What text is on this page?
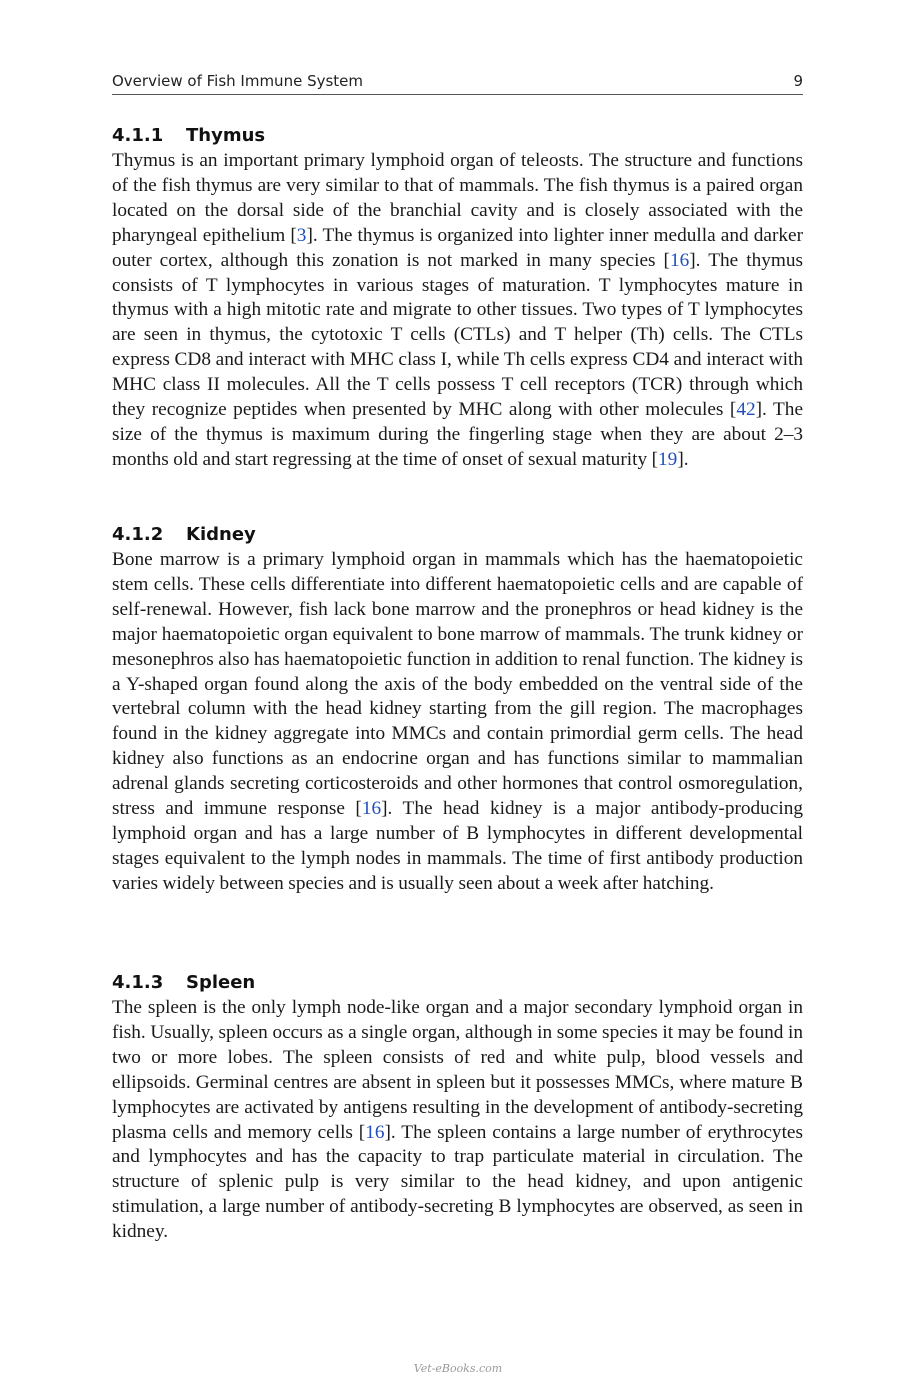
Overview of Fish Immune System	9
4.1.1 Thymus

Thymus is an important primary lymphoid organ of teleosts. The structure and functions of the fish thymus are very similar to that of mammals. The fish thymus is a paired organ located on the dorsal side of the branchial cavity and is closely associated with the pharyngeal epithelium [3]. The thymus is organized into lighter inner medulla and darker outer cortex, although this zonation is not marked in many species [16]. The thymus consists of T lymphocytes in various stages of maturation. T lymphocytes mature in thymus with a high mitotic rate and migrate to other tissues. Two types of T lymphocytes are seen in thymus, the cytotoxic T cells (CTLs) and T helper (Th) cells. The CTLs express CD8 and interact with MHC class I, while Th cells express CD4 and interact with MHC class II molecules. All the T cells possess T cell receptors (TCR) through which they recognize peptides when presented by MHC along with other molecules [42]. The size of the thymus is maximum during the fingerling stage when they are about 2–3 months old and start regressing at the time of onset of sexual maturity [19].

4.1.2 Kidney

Bone marrow is a primary lymphoid organ in mammals which has the haematopoietic stem cells. These cells differentiate into different haematopoietic cells and are capable of self-renewal. However, fish lack bone marrow and the pronephros or head kidney is the major haematopoietic organ equivalent to bone marrow of mammals. The trunk kidney or mesonephros also has haematopoietic function in addition to renal function. The kidney is a Y-shaped organ found along the axis of the body embedded on the ventral side of the vertebral column with the head kidney starting from the gill region. The macrophages found in the kidney aggregate into MMCs and contain primordial germ cells. The head kidney also functions as an endocrine organ and has functions similar to mammalian adrenal glands secreting corticosteroids and other hormones that control osmoregulation, stress and immune response [16]. The head kidney is a major antibody-producing lymphoid organ and has a large number of B lymphocytes in different developmental stages equivalent to the lymph nodes in mammals. The time of first antibody production varies widely between species and is usually seen about a week after hatching.

4.1.3 Spleen

The spleen is the only lymph node-like organ and a major secondary lymphoid organ in fish. Usually, spleen occurs as a single organ, although in some species it may be found in two or more lobes. The spleen consists of red and white pulp, blood vessels and ellipsoids. Germinal centres are absent in spleen but it possesses MMCs, where mature B lymphocytes are activated by antigens resulting in the development of antibody-secreting plasma cells and memory cells [16]. The spleen contains a large number of erythrocytes and lymphocytes and has the capacity to trap particulate material in circulation. The structure of splenic pulp is very similar to the head kidney, and upon antigenic stimulation, a large number of antibody-secreting B lymphocytes are observed, as seen in kidney.

Vet-eBooks.com
